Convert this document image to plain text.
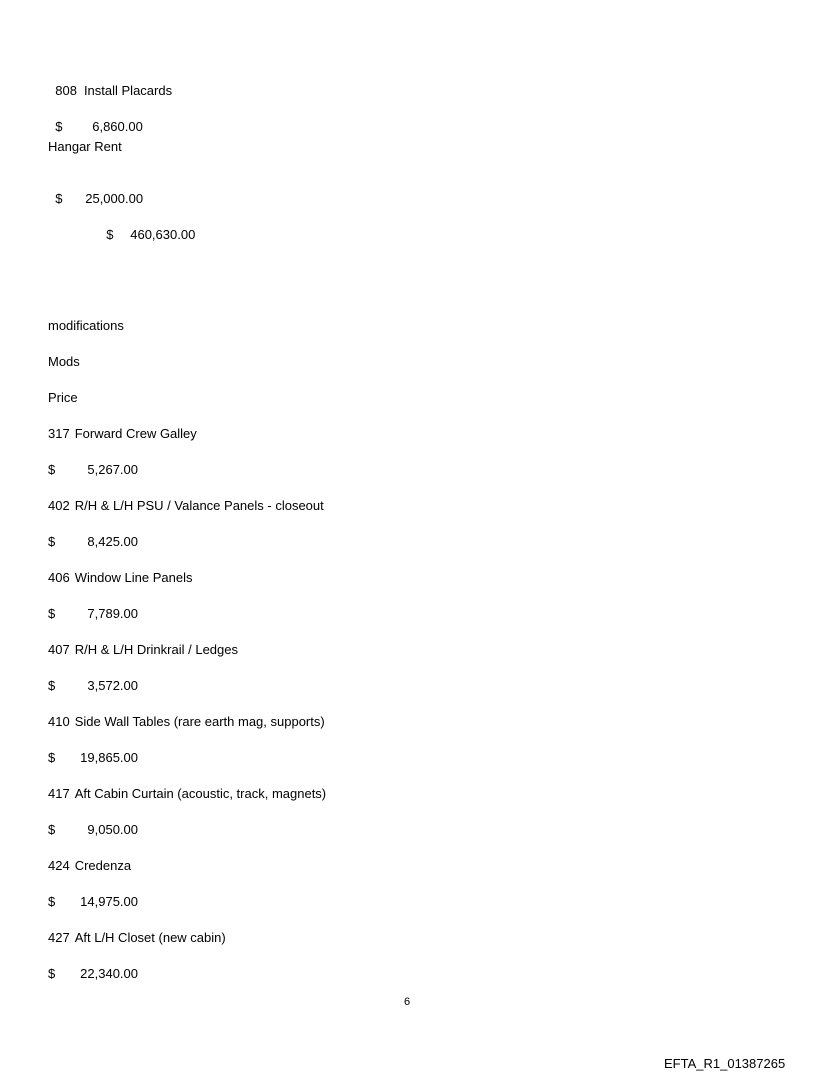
808 Install Placards

$ 6,860.00

Hangar Rent

$ 25,000.00

$ 460,630.00

modifications
Mods
Price
317 Forward Crew Galley
$ 5,267.00
402 R/H & L/H PSU / Valance Panels - closeout
$ 8,425.00
406 Window Line Panels
$ 7,789.00
407 R/H & L/H Drinkrail / Ledges
$ 3,572.00
410 Side Wall Tables (rare earth mag, supports)
$ 19,865.00
417 Aft Cabin Curtain (acoustic, track, magnets)
$ 9,050.00
424 Credenza
$ 14,975.00
427 Aft L/H Closet (new cabin)
$ 22,340.00
6
EFTA_R1_01387265
